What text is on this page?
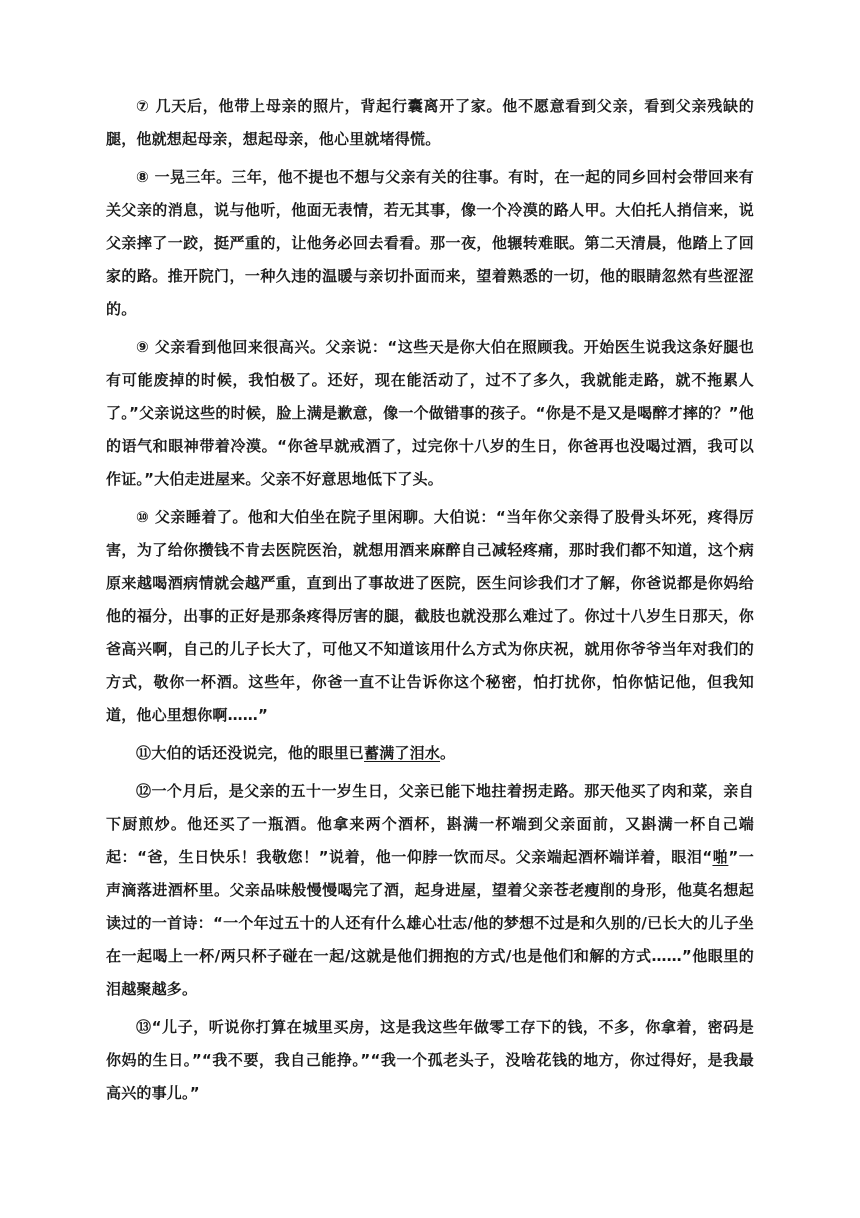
⑦ 几天后，他带上母亲的照片，背起行囊离开了家。他不愿意看到父亲，看到父亲残缺的腿，他就想起母亲，想起母亲，他心里就堵得慌。

⑧ 一晃三年。三年，他不提也不想与父亲有关的往事。有时，在一起的同乡回村会带回来有关父亲的消息，说与他听，他面无表情，若无其事，像一个冷漠的路人甲。大伯托人捎信来，说父亲摔了一跤，挺严重的，让他务必回去看看。那一夜，他辗转难眠。第二天清晨，他踏上了回家的路。推开院门，一种久违的温暖与亲切扑面而来，望着熟悉的一切，他的眼睛忽然有些涩涩的。

⑨ 父亲看到他回来很高兴。父亲说：“这些天是你大伯在照顾我。开始医生说我这条好腿也有可能废掉的时候，我怕极了。还好，现在能活动了，过不了多久，我就能走路，就不拖累人了。”父亲说这些的时候，脸上满是歉意，像一个做错事的孩子。“你是不是又是喝醉才摔的？”他的语气和眼神带着冷漠。“你爸早就戒酒了，过完你十八岁的生日，你爸再也没喝过酒，我可以作证。”大伯走进屋来。父亲不好意思地低下了头。

⑩ 父亲睡着了。他和大伯坐在院子里闲聊。大伯说：“当年你父亲得了股骨头坏死，疼得厉害，为了给你攒钱不肯去医院医治，就想用酒来麻醉自己减轻疼痛，那时我们都不知道，这个病原来越喝酒病情就会越严重，直到出了事故进了医院，医生问诊我们才了解，你爸说都是你妈给他的福分，出事的正好是那条疼得厉害的腿，截肢也就没那么难过了。你过十八岁生日那天，你爸高兴啊，自己的儿子长大了，可他又不知道该用什么方式为你庆祝，就用你爷爷当年对我们的方式，敬你一杯酒。这些年，你爸一直不让告诉你这个秘密，怕打扰你，怕你惦记他，但我知道，他心里想你啊……”

⑪大伯的话还没说完，他的眼里已蓄满了泪水。

⑫一个月后，是父亲的五十一岁生日，父亲已能下地拄着拐走路。那天他买了肉和菜，亲自下厨煎炒。他还买了一瓶酒。他拿来两个酒杯，斟满一杯端到父亲面前，又斟满一杯自己端起：“爸，生日快乐！我敬您！”说着，他一仰脖一饮而尽。父亲端起酒杯端详着，眼泪“啪”一声滴落进酒杯里。父亲品味般慢慢喝完了酒，起身进屋，望着父亲苍老瘦削的身形，他莫名想起读过的一首诗：“一个年过五十的人还有什么雄心壮志/他的梦想不过是和久别的/已长大的儿子坐在一起喝上一杯/两只杯子碰在一起/这就是他们拥抱的方式/也是他们和解的方式……”他眼里的泪越聚越多。

⑬“儿子，听说你打算在城里买房，这是我这些年做零工存下的钱，不多，你拿着，密码是你妈的生日。”“我不要，我自己能挣。”“我一个孤老头子，没啥花钱的地方，你过得好，是我最高兴的事儿。”
